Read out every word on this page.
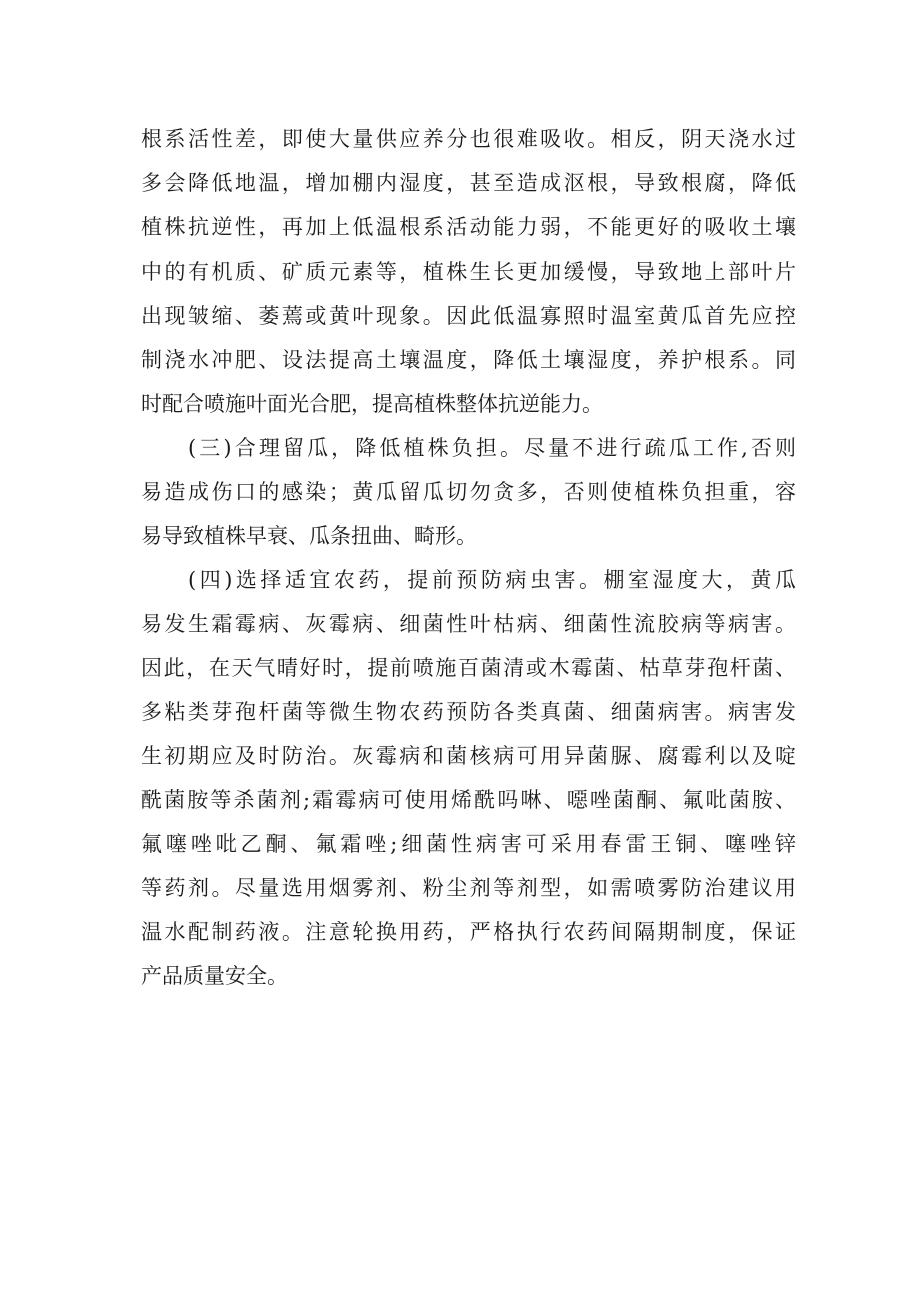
根系活性差，即使大量供应养分也很难吸收。相反，阴天浇水过
多会降低地温，增加棚内湿度，甚至造成沤根，导致根腐，降低
植株抗逆性，再加上低温根系活动能力弱，不能更好的吸收土壤
中的有机质、矿质元素等，植株生长更加缓慢，导致地上部叶片
出现皱缩、萎蔫或黄叶现象。因此低温寡照时温室黄瓜首先应控
制浇水冲肥、设法提高土壤温度，降低土壤湿度，养护根系。同
时配合喷施叶面光合肥，提高植株整体抗逆能力。
(三)合理留瓜，降低植株负担。尽量不进行疏瓜工作,否则
易造成伤口的感染；黄瓜留瓜切勿贪多，否则使植株负担重，容
易导致植株早衰、瓜条扭曲、畸形。
(四)选择适宜农药，提前预防病虫害。棚室湿度大，黄瓜
易发生霜霉病、灰霉病、细菌性叶枯病、细菌性流胶病等病害。
因此，在天气晴好时，提前喷施百菌清或木霉菌、枯草芽孢杆菌、
多粘类芽孢杆菌等微生物农药预防各类真菌、细菌病害。病害发
生初期应及时防治。灰霉病和菌核病可用异菌脲、腐霉利以及啶
酰菌胺等杀菌剂;霜霉病可使用烯酰吗啉、噁唑菌酮、氟吡菌胺、
氟噻唑吡乙酮、氟霜唑;细菌性病害可采用春雷王铜、噻唑锌
等药剂。尽量选用烟雾剂、粉尘剂等剂型，如需喷雾防治建议用
温水配制药液。注意轮换用药，严格执行农药间隔期制度，保证
产品质量安全。
